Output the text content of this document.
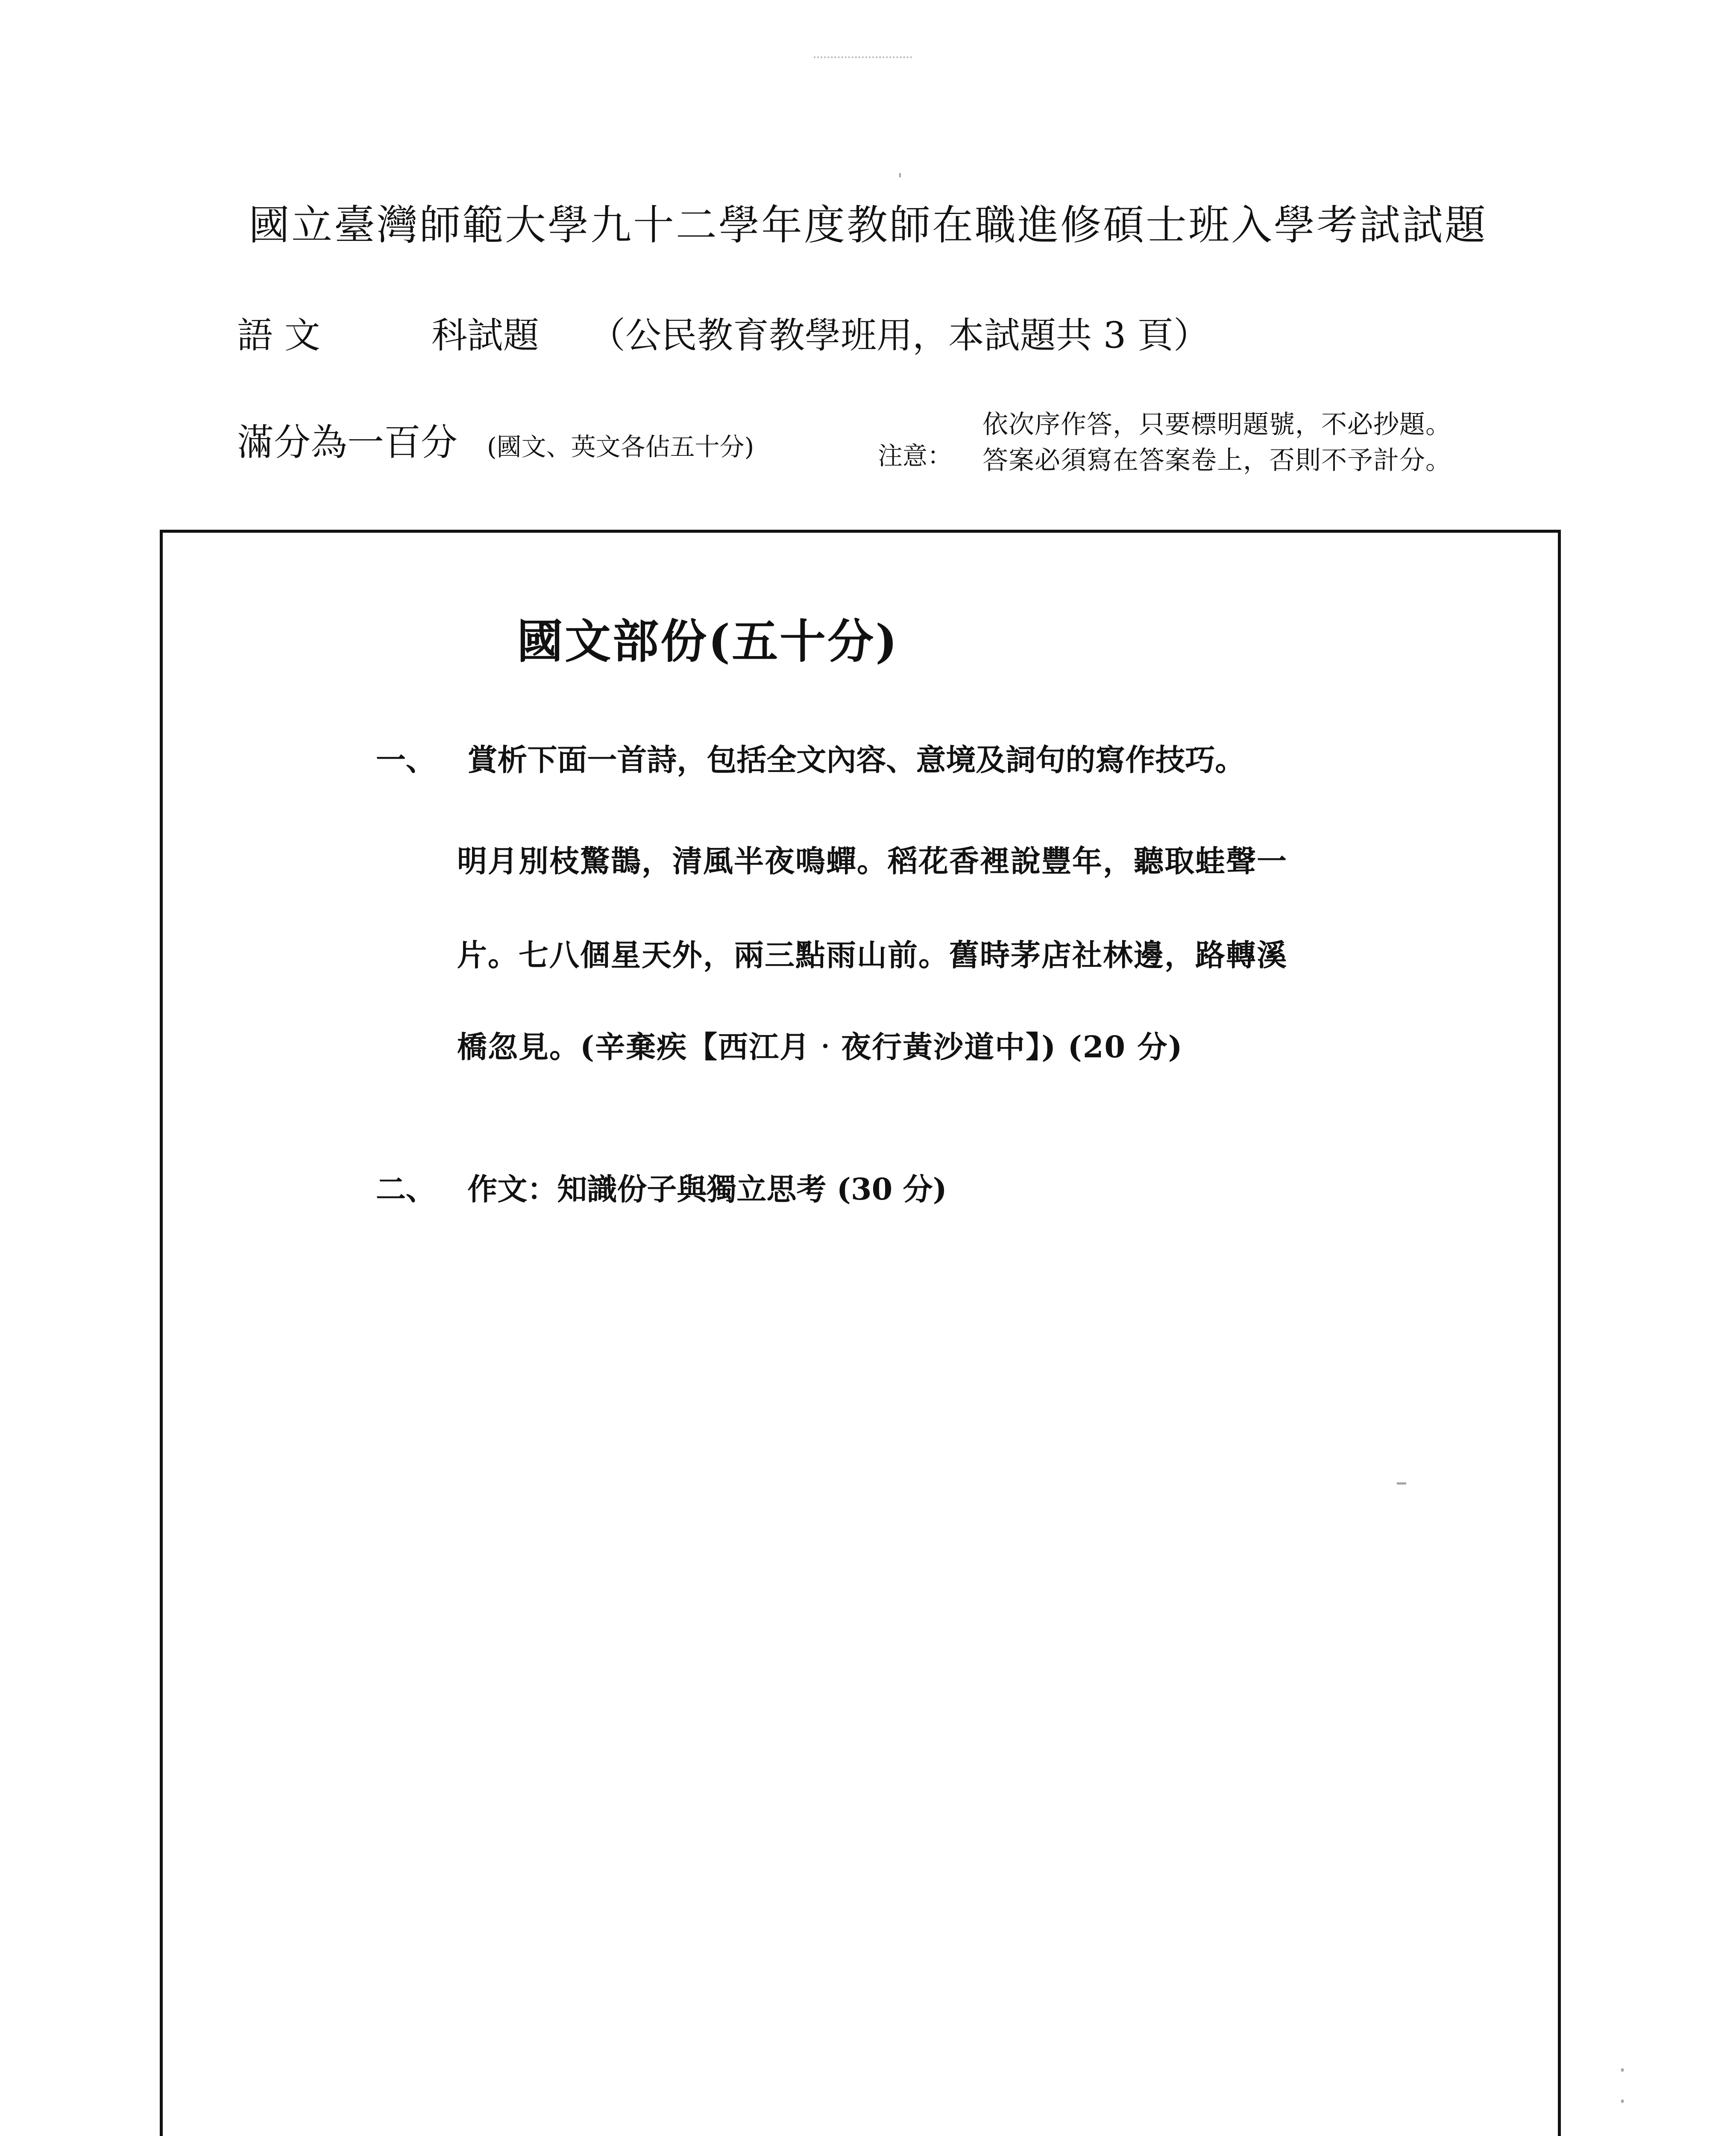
國立臺灣師範大學九十二學年度教師在職進修碩士班入學考試試題
語 文	科試題 （公民教育教學班用，本試題共 3 頁）
滿分為一百分 (國文、英文各佔五十分)	注意：
依次序作答，只要標明題號，不必抄題。
答案必須寫在答案卷上，否則不予計分。
國文部份(五十分)
一、 賞析下面一首詩，包括全文內容、意境及詞句的寫作技巧。
明月別枝驚鵲，清風半夜鳴蟬。稻花香裡說豐年，聽取蛙聲一
片。七八個星天外，兩三點雨山前。舊時茅店社林邊，路轉溪
橋忽見。(辛棄疾【西江月‧夜行黃沙道中】) (20 分)
二、 作文：知識份子與獨立思考 (30 分)
